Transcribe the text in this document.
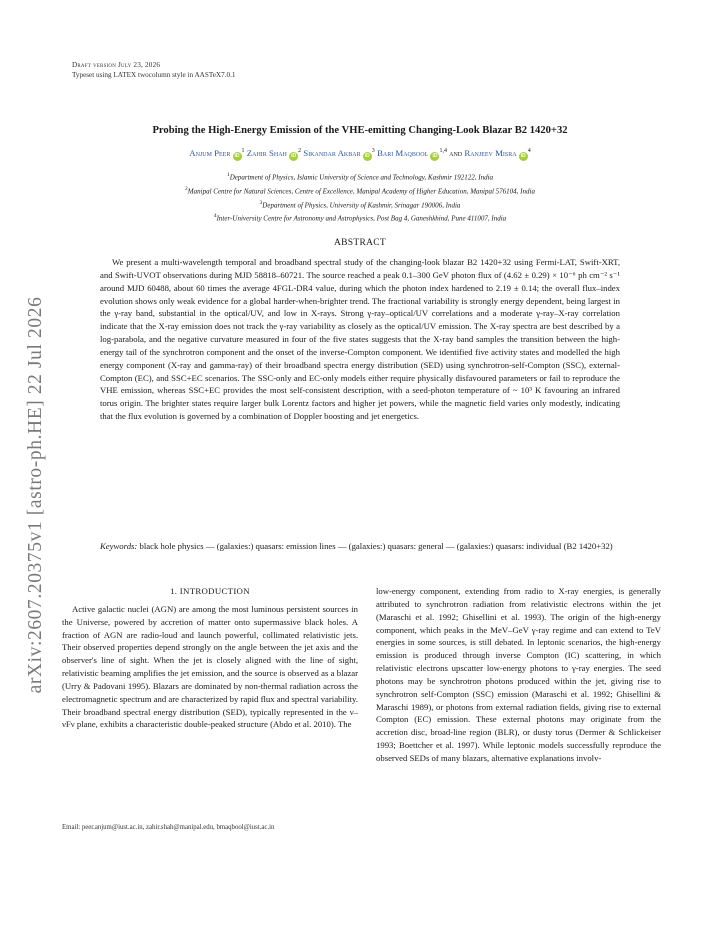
Draft version July 23, 2026
Typeset using LATEX twocolumn style in AASTeX7.0.1
Probing the High-Energy Emission of the VHE-emitting Changing-Look Blazar B2 1420+32
Anjum Peer $iD^1$ Zahir Shah $iD^2$ Sikandar Akbar $iD^3$ Bari Maqbool iD$^{1,4}$ and Ranjeev Misra $iD^4$
$^1$Department of Physics, Islamic University of Science and Technology, Kashmir 192122, India
$^2$Manipal Centre for Natural Sciences, Centre of Excellence, Manipal Academy of Higher Education, Manipal 576104, India
$^3$Department of Physics, University of Kashmir, Srinagar 190006, India
$^4$Inter-University Centre for Astronomy and Astrophysics, Post Bag 4, Ganeshkhind, Pune 411007, India
ABSTRACT
We present a multi-wavelength temporal and broadband spectral study of the changing-look blazar B2 1420+32 using Fermi-LAT, Swift-XRT, and Swift-UVOT observations during MJD 58818–60721. The source reached a peak 0.1–300 GeV photon flux of (4.62 ± 0.29) × 10⁻⁶ ph cm⁻² s⁻¹ around MJD 60488, about 60 times the average 4FGL-DR4 value, during which the photon index hardened to 2.19 ± 0.14; the overall flux–index evolution shows only weak evidence for a global harder-when-brighter trend. The fractional variability is strongly energy dependent, being largest in the γ-ray band, substantial in the optical/UV, and low in X-rays. Strong γ-ray–optical/UV correlations and a moderate γ-ray–X-ray correlation indicate that the X-ray emission does not track the γ-ray variability as closely as the optical/UV emission. The X-ray spectra are best described by a log-parabola, and the negative curvature measured in four of the five states suggests that the X-ray band samples the transition between the high-energy tail of the synchrotron component and the onset of the inverse-Compton component. We identified five activity states and modelled the high energy component (X-ray and gamma-ray) of their broadband spectra energy distribution (SED) using synchrotron-self-Compton (SSC), external-Compton (EC), and SSC+EC scenarios. The SSC-only and EC-only models either require physically disfavoured parameters or fail to reproduce the VHE emission, whereas SSC+EC provides the most self-consistent description, with a seed-photon temperature of ~ 10³ K favouring an infrared torus origin. The brighter states require larger bulk Lorentz factors and higher jet powers, while the magnetic field varies only modestly, indicating that the flux evolution is governed by a combination of Doppler boosting and jet energetics.
Keywords: black hole physics — (galaxies:) quasars: emission lines — (galaxies:) quasars: general — (galaxies:) quasars: individual (B2 1420+32)
1. INTRODUCTION

Active galactic nuclei (AGN) are among the most luminous persistent sources in the Universe, powered by accretion of matter onto supermassive black holes. A fraction of AGN are radio-loud and launch powerful, collimated relativistic jets. Their observed properties depend strongly on the angle between the jet axis and the observer's line of sight. When the jet is closely aligned with the line of sight, relativistic beaming amplifies the jet emission, and the source is observed as a blazar (Urry & Padovani 1995). Blazars are dominated by non-thermal radiation across the electromagnetic spectrum and are characterized by rapid flux and spectral variability. Their broadband spectral energy distribution (SED), typically represented in the ν–νFν plane, exhibits a characteristic double-peaked structure (Abdo et al. 2010). The

low-energy component, extending from radio to X-ray energies, is generally attributed to synchrotron radiation from relativistic electrons within the jet (Maraschi et al. 1992; Ghisellini et al. 1993). The origin of the high-energy component, which peaks in the MeV–GeV γ-ray regime and can extend to TeV energies in some sources, is still debated. In leptonic scenarios, the high-energy emission is produced through inverse Compton (IC) scattering, in which relativistic electrons upscatter low-energy photons to γ-ray energies. The seed photons may be synchrotron photons produced within the jet, giving rise to synchrotron self-Compton (SSC) emission (Maraschi et al. 1992; Ghisellini & Maraschi 1989), or photons from external radiation fields, giving rise to external Compton (EC) emission. These external photons may originate from the accretion disc, broad-line region (BLR), or dusty torus (Dermer & Schlickeiser 1993; Boettcher et al. 1997). While leptonic models successfully reproduce the observed SEDs of many blazars, alternative explanations involv-

Email: peer.anjum@iust.ac.in, zahir.shah@manipal.edu, bmaqbool@iust.ac.in
arXiv:2607.20375v1 [astro-ph.HE] 22 Jul 2026
